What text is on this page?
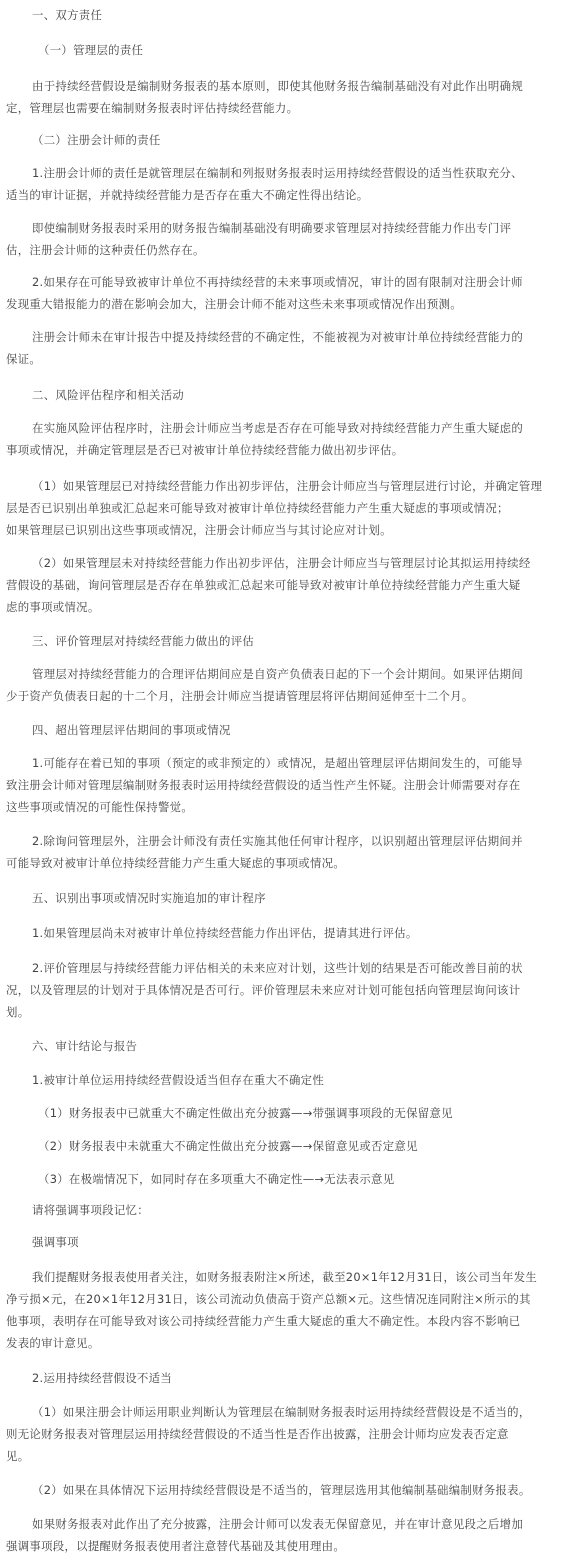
一、双方责任

（一）管理层的责任

由于持续经营假设是编制财务报表的基本原则，即使其他财务报告编制基础没有对此作出明确规

定，管理层也需要在编制财务报表时评估持续经营能力。

（二）注册会计师的责任

1.注册会计师的责任是就管理层在编制和列报财务报表时运用持续经营假设的适当性获取充分、

适当的审计证据，并就持续经营能力是否存在重大不确定性得出结论。

即使编制财务报表时采用的财务报告编制基础没有明确要求管理层对持续经营能力作出专门评

估，注册会计师的这种责任仍然存在。

2.如果存在可能导致被审计单位不再持续经营的未来事项或情况，审计的固有限制对注册会计师

发现重大错报能力的潜在影响会加大，注册会计师不能对这些未来事项或情况作出预测。

注册会计师未在审计报告中提及持续经营的不确定性，不能被视为对被审计单位持续经营能力的

保证。

二、风险评估程序和相关活动

在实施风险评估程序时，注册会计师应当考虑是否存在可能导致对持续经营能力产生重大疑虑的

事项或情况，并确定管理层是否已对被审计单位持续经营能力做出初步评估。

（1）如果管理层已对持续经营能力作出初步评估，注册会计师应当与管理层进行讨论，并确定管理

层是否已识别出单独或汇总起来可能导致对被审计单位持续经营能力产生重大疑虑的事项或情况；

如果管理层已识别出这些事项或情况，注册会计师应当与其讨论应对计划。

（2）如果管理层未对持续经营能力作出初步评估，注册会计师应当与管理层讨论其拟运用持续经

营假设的基础，询问管理层是否存在单独或汇总起来可能导致对被审计单位持续经营能力产生重大疑

虑的事项或情况。

三、评价管理层对持续经营能力做出的评估

管理层对持续经营能力的合理评估期间应是自资产负债表日起的下一个会计期间。如果评估期间

少于资产负债表日起的十二个月，注册会计师应当提请管理层将评估期间延伸至十二个月。

四、超出管理层评估期间的事项或情况

1.可能存在着已知的事项（预定的或非预定的）或情况，是超出管理层评估期间发生的，可能导

致注册会计师对管理层编制财务报表时运用持续经营假设的适当性产生怀疑。注册会计师需要对存在

这些事项或情况的可能性保持警觉。

2.除询问管理层外，注册会计师没有责任实施其他任何审计程序，以识别超出管理层评估期间并

可能导致对被审计单位持续经营能力产生重大疑虑的事项或情况。

五、识别出事项或情况时实施追加的审计程序

1.如果管理层尚未对被审计单位持续经营能力作出评估，提请其进行评估。

2.评价管理层与持续经营能力评估相关的未来应对计划，这些计划的结果是否可能改善目前的状

况，以及管理层的计划对于具体情况是否可行。评价管理层未来应对计划可能包括向管理层询问该计

划。

六、审计结论与报告

1.被审计单位运用持续经营假设适当但存在重大不确定性

（1）财务报表中已就重大不确定性做出充分披露—→带强调事项段的无保留意见

（2）财务报表中未就重大不确定性做出充分披露—→保留意见或否定意见

（3）在极端情况下，如同时存在多项重大不确定性—→无法表示意见

请将强调事项段记忆：

强调事项

我们提醒财务报表使用者关注，如财务报表附注×所述，截至20×1年12月31日，该公司当年发生

净亏损×元，在20×1年12月31日，该公司流动负债高于资产总额×元。这些情况连同附注×所示的其

他事项，表明存在可能导致对该公司持续经营能力产生重大疑虑的重大不确定性。本段内容不影响已

发表的审计意见。

2.运用持续经营假设不适当

（1）如果注册会计师运用职业判断认为管理层在编制财务报表时运用持续经营假设是不适当的，

则无论财务报表对管理层运用持续经营假设的不适当性是否作出披露，注册会计师均应发表否定意

见。

（2）如果在具体情况下运用持续经营假设是不适当的，管理层选用其他编制基础编制财务报表。

如果财务报表对此作出了充分披露，注册会计师可以发表无保留意见，并在审计意见段之后增加

强调事项段，以提醒财务报表使用者注意替代基础及其使用理由。
